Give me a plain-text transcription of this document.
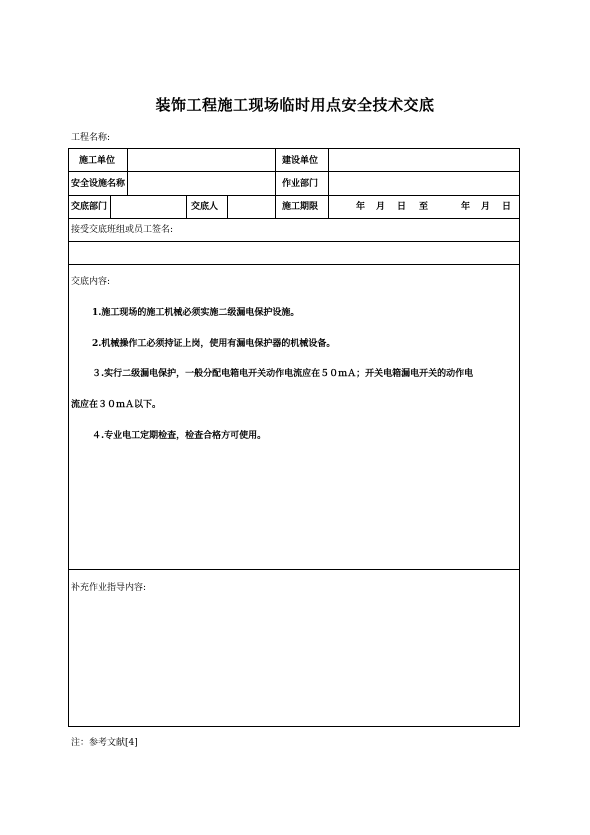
装饰工程施工现场临时用点安全技术交底
工程名称:
施工单位	建设单位
安全设施名称	作业部门
交底部门	交底人	施工期限	年 月 日 至	年 月 日
接受交底班组或员工签名:
交底内容:
1.施工现场的施工机械必须实施二级漏电保护设施。
2.机械操作工必须持证上岗，使用有漏电保护器的机械设备。
３.实行二级漏电保护，一般分配电箱电开关动作电流应在５０ｍＡ；开关电箱漏电开关的动作电
流应在３０ｍＡ以下。
４.专业电工定期检查，检查合格方可使用。
补充作业指导内容:
注：参考文献[4]
